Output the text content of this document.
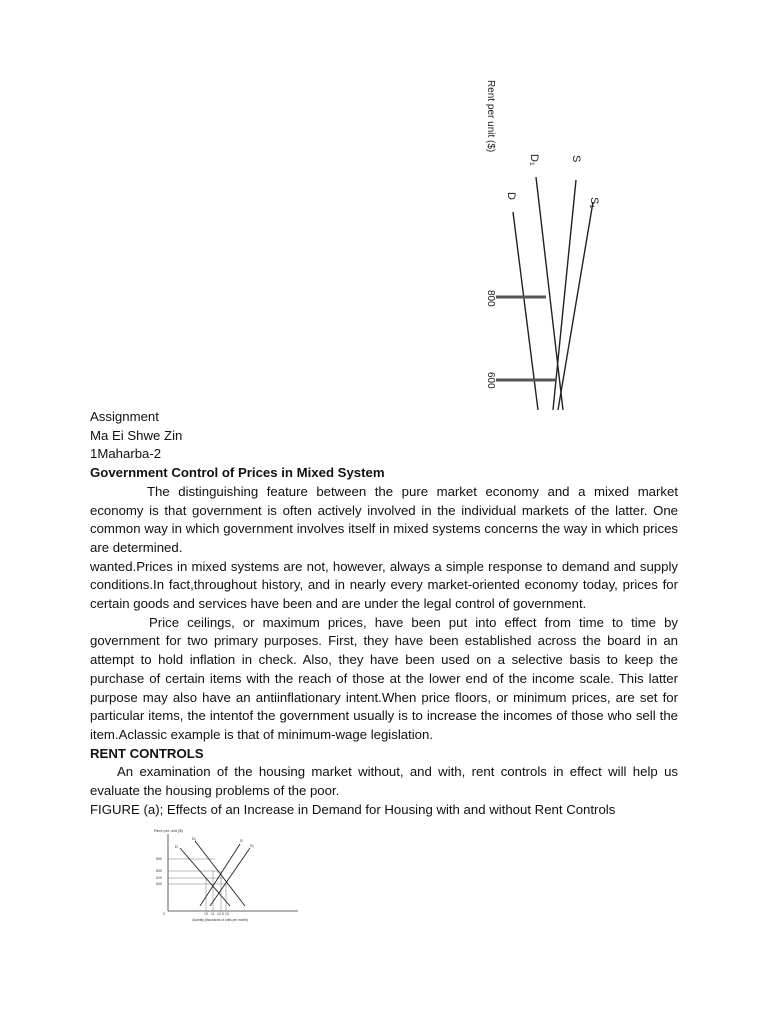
Rent per unit ($)
D
D₁	S
S₁
800
600

Assignment

Ma Ei Shwe Zin

1Maharba-2

Government Control of Prices in Mixed System

The distinguishing feature between the pure market economy and a mixed market economy is that government is often actively involved in the individual markets of the latter. One common way in which government involves itself in mixed systems concerns the way in which prices are determined.

wanted.Prices in mixed systems are not, however, always a simple response to demand and supply conditions.In fact,throughout history, and in nearly every market-oriented economy today, prices for certain goods and services have been and are under the legal control of government.

Price ceilings, or maximum prices, have been put into effect from time to time by government for two primary purposes. First, they have been established across the board in an attempt to hold inflation in check. Also, they have been used on a selective basis to keep the purchase of certain items with the reach of those at the lower end of the income scale. This latter purpose may also have an antiinflationary intent.When price floors, or minimum prices, are set for particular items, the intentof the government usually is to increase the incomes of those who sell the item.Aclassic example is that of minimum-wage legislation.

RENT CONTROLS

An examination of the housing market without, and with, rent controls in effect will help us evaluate the housing problems of the poor.

FIGURE (a); Effects of an Increase in Demand for Housing with and without Rent Controls

Rent per unit ($)
D
D₁	S
S₁
800
600
520
500
0	10 11 12.5 13
Quantity (thousands of units per month)
